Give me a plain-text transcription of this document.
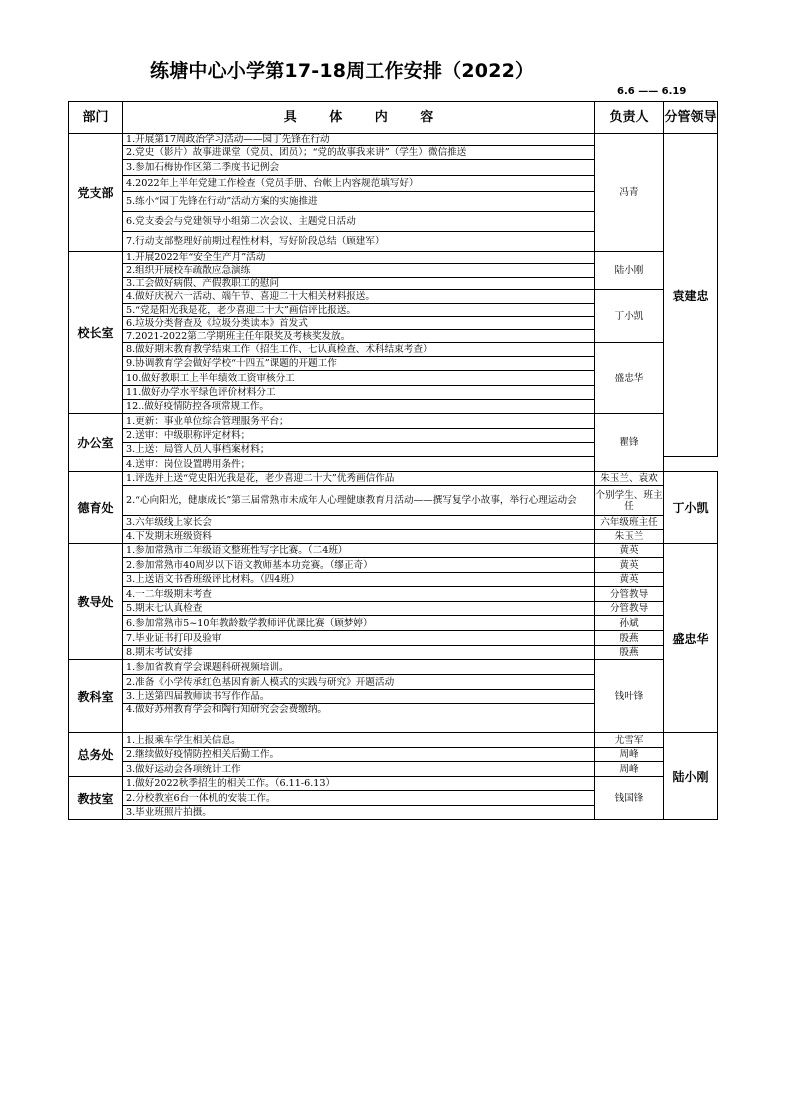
练塘中心小学第17-18周工作安排（2022）
6.6 —— 6.19
部门	具 体 内 容	负责人	分管领导
党支部	1.开展第17周政治学习活动——园丁先锋在行动	冯青	袁建忠
	2.党史（影片）故事进课堂（党员、团员）；“党的故事我来讲”（学生）微信推送		
	3.参加石梅协作区第二季度书记例会		
	4.2022年上半年党建工作检查（党员手册、台帐上内容规范填写好）		
	5.练小“园丁先锋在行动”活动方案的实施推进		
	6.党支委会与党建领导小组第二次会议、主题党日活动		
	7.行动支部整理好前期过程性材料，写好阶段总结（顾建军）		
校长室	1.开展2022年“安全生产月”活动	陆小刚	
	2.组织开展校车疏散应急演练		
	3.工会做好病假、产假教职工的慰问		
	4.做好庆祝六一活动、端午节、喜迎二十大相关材料报送。	丁小凯	
	5.“党是阳光我是花，老少喜迎二十大”画信评比报送。		
	6.垃圾分类督查及《垃圾分类读本》首发式		
	7.2021-2022第二学期班主任年限奖及考核奖发放。		
	8.做好期末教育教学结束工作（招生工作、七认真检查、术科结束考查）	盛忠华	
	9.协调教育学会做好学校“十四五”课题的开题工作		
	10.做好教职工上半年绩效工资审核分工		
	11.做好办学水平绿色评价材料分工		
	12..做好疫情防控各项常规工作。		
办公室	1.更新：事业单位综合管理服务平台；	瞿锋	
	2.送审：中级职称评定材料；		
	3.上送：局管人员人事档案材料；		
	4.送审：岗位设置聘用条件；		
德育处	1.评选并上送“党史阳光我是花，老少喜迎二十大”优秀画信作品	朱玉兰、袁欢	丁小凯
	2.“心向阳光，健康成长”第三届常熟市未成年人心理健康教育月活动——撰写复学小故事，举行心理运动会	个别学生、班主任	
	3.六年级线上家长会	六年级班主任	
	4.下发期末班级资料	朱玉兰	
教导处	1.参加常熟市二年级语文整班性写字比赛。（二4班）	黄英	盛忠华
	2.参加常熟市40周岁以下语文教师基本功竞赛。（缪正奇）	黄英	
	3.上送语文书香班级评比材料。（四4班）	黄英	
	4.一二年级期末考查	分管教导	
	5.期末七认真检查	分管教导	
	6.参加常熟市5~10年教龄数学教师评优课比赛（顾梦婷）	孙斌	
	7.毕业证书打印及验审	殷燕	
	8.期末考试安排	殷燕	
教科室	1.参加省教育学会课题科研视频培训。	钱叶锋	
	2.准备《小学传承红色基因育新人模式的实践与研究》开题活动		
	3.上送第四届教师读书写作作品。		
	4.做好苏州教育学会和陶行知研究会会费缴纳。		
总务处	1.上报乘车学生相关信息。	尤雪军	陆小刚
	2.继续做好疫情防控相关后勤工作。	周峰	
	3.做好运动会各项统计工作	周峰	
教技室	1.做好2022秋季招生的相关工作。（6.11-6.13）	钱国锋	
	2.分校教室6台一体机的安装工作。		
	3.毕业班照片拍摄。		
